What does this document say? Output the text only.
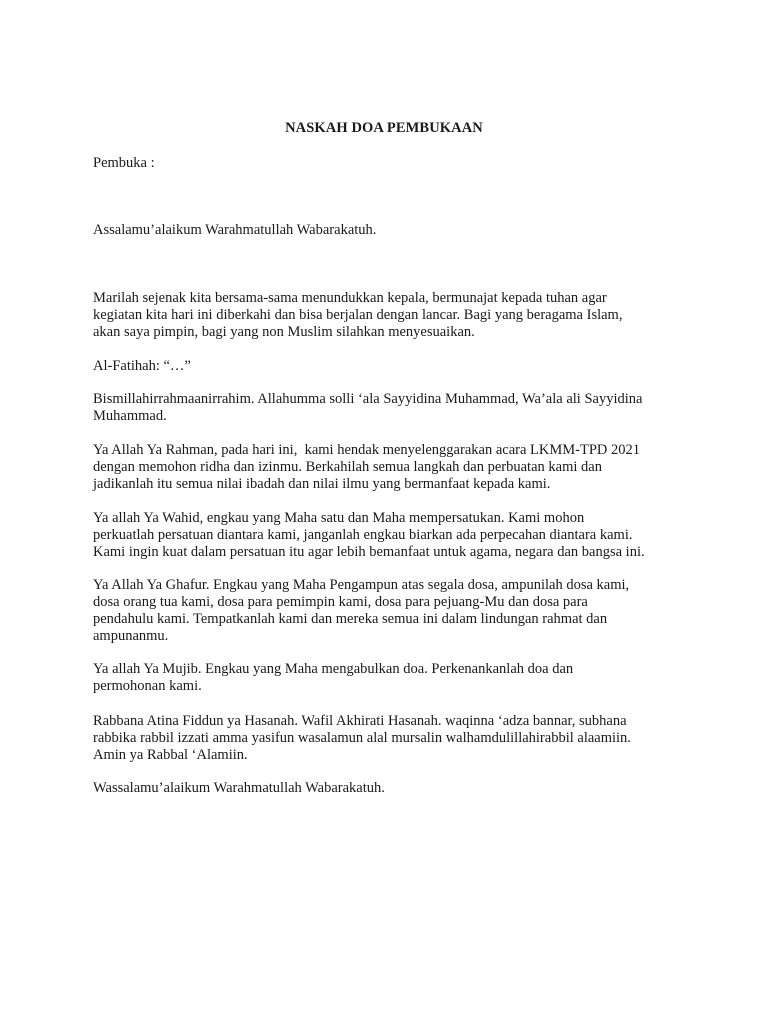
NASKAH DOA PEMBUKAAN
Pembuka :
Assalamu’alaikum Warahmatullah Wabarakatuh.
Marilah sejenak kita bersama-sama menundukkan kepala, bermunajat kepada tuhan agar
kegiatan kita hari ini diberkahi dan bisa berjalan dengan lancar. Bagi yang beragama Islam,
akan saya pimpin, bagi yang non Muslim silahkan menyesuaikan.
Al-Fatihah: “…”
Bismillahirrahmaanirrahim. Allahumma solli ‘ala Sayyidina Muhammad, Wa’ala ali Sayyidina
Muhammad.
Ya Allah Ya Rahman, pada hari ini,  kami hendak menyelenggarakan acara LKMM-TPD 2021
dengan memohon ridha dan izinmu. Berkahilah semua langkah dan perbuatan kami dan
jadikanlah itu semua nilai ibadah dan nilai ilmu yang bermanfaat kepada kami.
Ya allah Ya Wahid, engkau yang Maha satu dan Maha mempersatukan. Kami mohon
perkuatlah persatuan diantara kami, janganlah engkau biarkan ada perpecahan diantara kami.
Kami ingin kuat dalam persatuan itu agar lebih bemanfaat untuk agama, negara dan bangsa ini.
Ya Allah Ya Ghafur. Engkau yang Maha Pengampun atas segala dosa, ampunilah dosa kami,
dosa orang tua kami, dosa para pemimpin kami, dosa para pejuang-Mu dan dosa para
pendahulu kami. Tempatkanlah kami dan mereka semua ini dalam lindungan rahmat dan
ampunanmu.
Ya allah Ya Mujib. Engkau yang Maha mengabulkan doa. Perkenankanlah doa dan
permohonan kami.
Rabbana Atina Fiddun ya Hasanah. Wafil Akhirati Hasanah. waqinna ‘adza bannar, subhana
rabbika rabbil izzati amma yasifun wasalamun alal mursalin walhamdulillahirabbil alaamiin.
Amin ya Rabbal ‘Alamiin.
Wassalamu’alaikum Warahmatullah Wabarakatuh.
